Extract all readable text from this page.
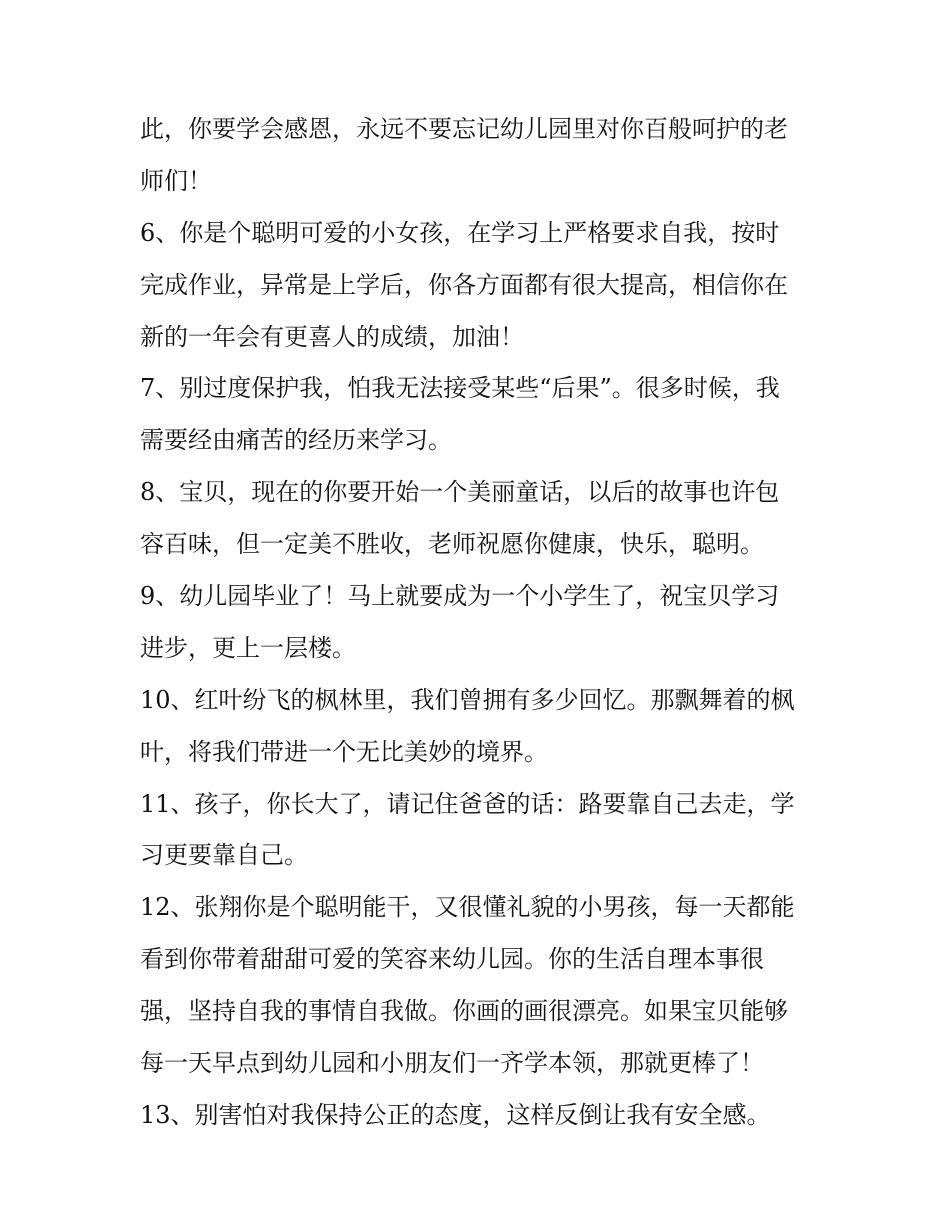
此，你要学会感恩，永远不要忘记幼儿园里对你百般呵护的老
师们！
6、你是个聪明可爱的小女孩，在学习上严格要求自我，按时
完成作业，异常是上学后，你各方面都有很大提高，相信你在
新的一年会有更喜人的成绩，加油！
7、别过度保护我，怕我无法接受某些“后果”。很多时候，我
需要经由痛苦的经历来学习。
8、宝贝，现在的你要开始一个美丽童话，以后的故事也许包
容百味，但一定美不胜收，老师祝愿你健康，快乐，聪明。
9、幼儿园毕业了！马上就要成为一个小学生了，祝宝贝学习
进步，更上一层楼。
10、红叶纷飞的枫林里，我们曾拥有多少回忆。那飘舞着的枫
叶，将我们带进一个无比美妙的境界。
11、孩子，你长大了，请记住爸爸的话：路要靠自己去走，学
习更要靠自己。
12、张翔你是个聪明能干，又很懂礼貌的小男孩，每一天都能
看到你带着甜甜可爱的笑容来幼儿园。你的生活自理本事很
强，坚持自我的事情自我做。你画的画很漂亮。如果宝贝能够
每一天早点到幼儿园和小朋友们一齐学本领，那就更棒了！
13、别害怕对我保持公正的态度，这样反倒让我有安全感。
